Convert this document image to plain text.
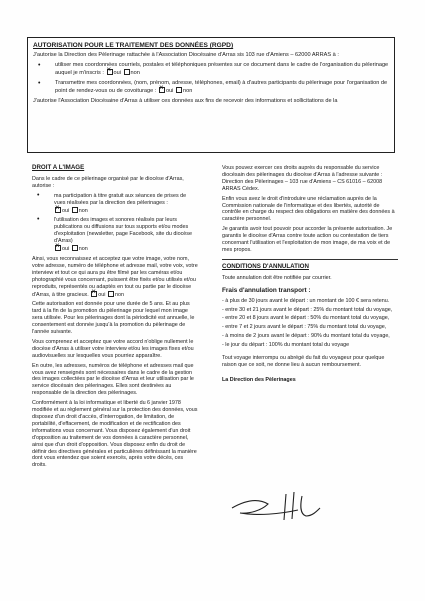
AUTORISATION POUR LE TRAITEMENT DES DONNÉES (RGPD)

J'autorise la Direction des Pèlerinage rattachée à l'Association Diocésaine d'Arras sis 103 rue d'Amiens – 62000 ARRAS à :

•	utiliser mes coordonnées courriels, postales et téléphoniques présentes sur ce document dans le cadre de l'organisation du pèlerinage auquel je m'inscris : × oui non

•	Transmettre mes coordonnées, (nom, prénom, adresse, téléphones, email) à d'autres participants du pèlerinage pour l'organisation de point de rendez-vous ou de covoiturage : × oui non

J'autorise l'Association Diocésaine d'Arras à utiliser ces données aux fins de recevoir des informations et sollicitations de la

DROIT A L'IMAGE

Dans le cadre de ce pèlerinage organisé par le diocèse d'Arras, autorise :

•	ma participation à titre gratuit aux séances de prises de vues réalisées par la direction des pèlerinages :
×oui non

•	l'utilisation des images et sonores réalisés par leurs publications ou diffusions sur tous supports et/ou modes d'exploitation (newsletter, page Facebook, site du diocèse d'Arras)
×oui non

Ainsi, vous reconnaissez et acceptez que votre image, votre nom, votre adresse, numéro de téléphone et adresse mail, votre voix, votre interview et tout ce qui aura pu être filmé par les caméras et/ou photographié vous concernant, puissent être fixés et/ou utilisés et/ou reproduits, représentés ou adaptés en tout ou partie par le diocèse d'Arras, à titre gracieux. × oui non

Cette autorisation est donnée pour une durée de 5 ans. Et au plus tard à la fin de la promotion du pèlerinage pour lequel mon image sera utilisée. Pour les pèlerinages dont la périodicité est annuelle, le consentement est donnée jusqu'à la promotion du pèlerinage de l'année suivante.

Vous comprenez et acceptez que votre accord n'oblige nullement le diocèse d'Arras à utiliser votre interview et/ou les images fixes et/ou audiovisuelles sur lesquelles vous pourriez apparaître.

En outre, les adresses, numéros de téléphone et adresses mail que vous avez renseignés sont nécessaires dans le cadre de la gestion des images collectées par le diocèse d'Arras et leur utilisation par le service diocésain des pèlerinages. Elles sont destinées au responsable de la direction des pèlerinages.

Conformément à la loi informatique et liberté du 6 janvier 1978 modifiée et au règlement général sur la protection des données, vous disposez d'un droit d'accès, d'interrogation, de limitation, de portabilité, d'effacement, de modification et de rectification des informations vous concernant. Vous disposez également d'un droit d'opposition au traitement de vos données à caractère personnel, ainsi que d'un droit d'opposition. Vous disposez enfin du droit de définir des directives générales et particulières définissant la manière dont vous entendez que soient exercés, après votre décès, ces droits.

Vous pouvez exercer ces droits auprès du responsable du service diocésain des pèlerinages du diocèse d'Arras à l'adresse suivante : Direction des Pèlerinages – 103 rue d'Amiens – CS 61016 – 62008 ARRAS Cédex.

Enfin vous avez le droit d'introduire une réclamation auprès de la Commission nationale de l'informatique et des libertés, autorité de contrôle en charge du respect des obligations en matière des données à caractère personnel.

Je garantis avoir tout pouvoir pour accorder la présente autorisation. Je garantis le diocèse d'Arras contre toute action ou contestation de tiers concernant l'utilisation et l'exploitation de mon image, de ma voix et de mes propos.

CONDITIONS D'ANNULATION

Toute annulation doit être notifiée par courrier.

Frais d'annulation transport :
- à plus de 30 jours avant le départ : un montant de 100 € sera retenu.
- entre 30 et 21 jours avant le départ : 25% du montant total du voyage,
- entre 20 et 8 jours avant le départ : 50% du montant total du voyage,
- entre 7 et 2 jours avant le départ : 75% du montant total du voyage,
- à moins de 2 jours avant le départ : 90% du montant total du voyage,
- le jour du départ : 100% du montant total du voyage

Tout voyage interrompu ou abrégé du fait du voyageur pour quelque raison que ce soit, ne donne lieu à aucun remboursement.

La Direction des Pèlerinages
